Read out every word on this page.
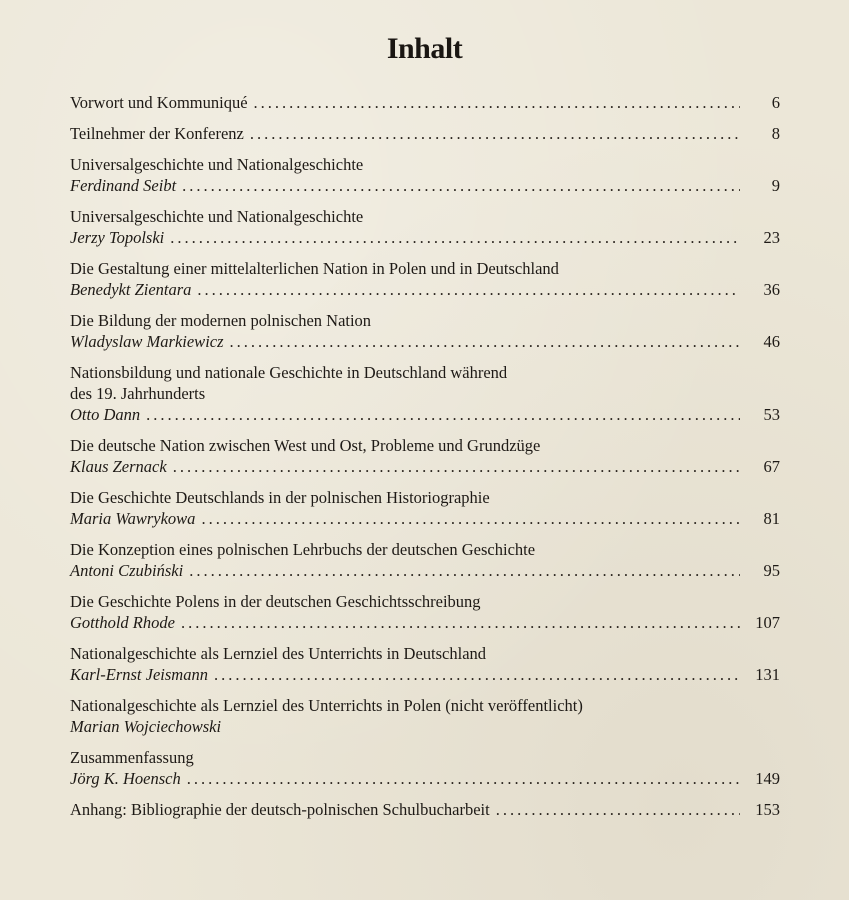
Inhalt
Vorwort und Kommuniqué .....	6
Teilnehmer der Konferenz .....	8
Universalgeschichte und Nationalgeschichte
Ferdinand Seibt .....	9
Universalgeschichte und Nationalgeschichte
Jerzy Topolski .....	23
Die Gestaltung einer mittelalterlichen Nation in Polen und in Deutschland
Benedykt Zientara .....	36
Die Bildung der modernen polnischen Nation
Wladyslaw Markiewicz .....	46
Nationsbildung und nationale Geschichte in Deutschland während
des 19. Jahrhunderts
Otto Dann .....	53
Die deutsche Nation zwischen West und Ost, Probleme und Grundzüge
Klaus Zernack .....	67
Die Geschichte Deutschlands in der polnischen Historiographie
Maria Wawrykowa .....	81
Die Konzeption eines polnischen Lehrbuchs der deutschen Geschichte
Antoni Czubiński .....	95
Die Geschichte Polens in der deutschen Geschichtsschreibung
Gotthold Rhode .....	107
Nationalgeschichte als Lernziel des Unterrichts in Deutschland
Karl-Ernst Jeismann .....	131
Nationalgeschichte als Lernziel des Unterrichts in Polen (nicht veröffentlicht)
Marian Wojciechowski
Zusammenfassung
Jörg K. Hoensch .....	149
Anhang: Bibliographie der deutsch-polnischen Schulbucharbeit .....	153
